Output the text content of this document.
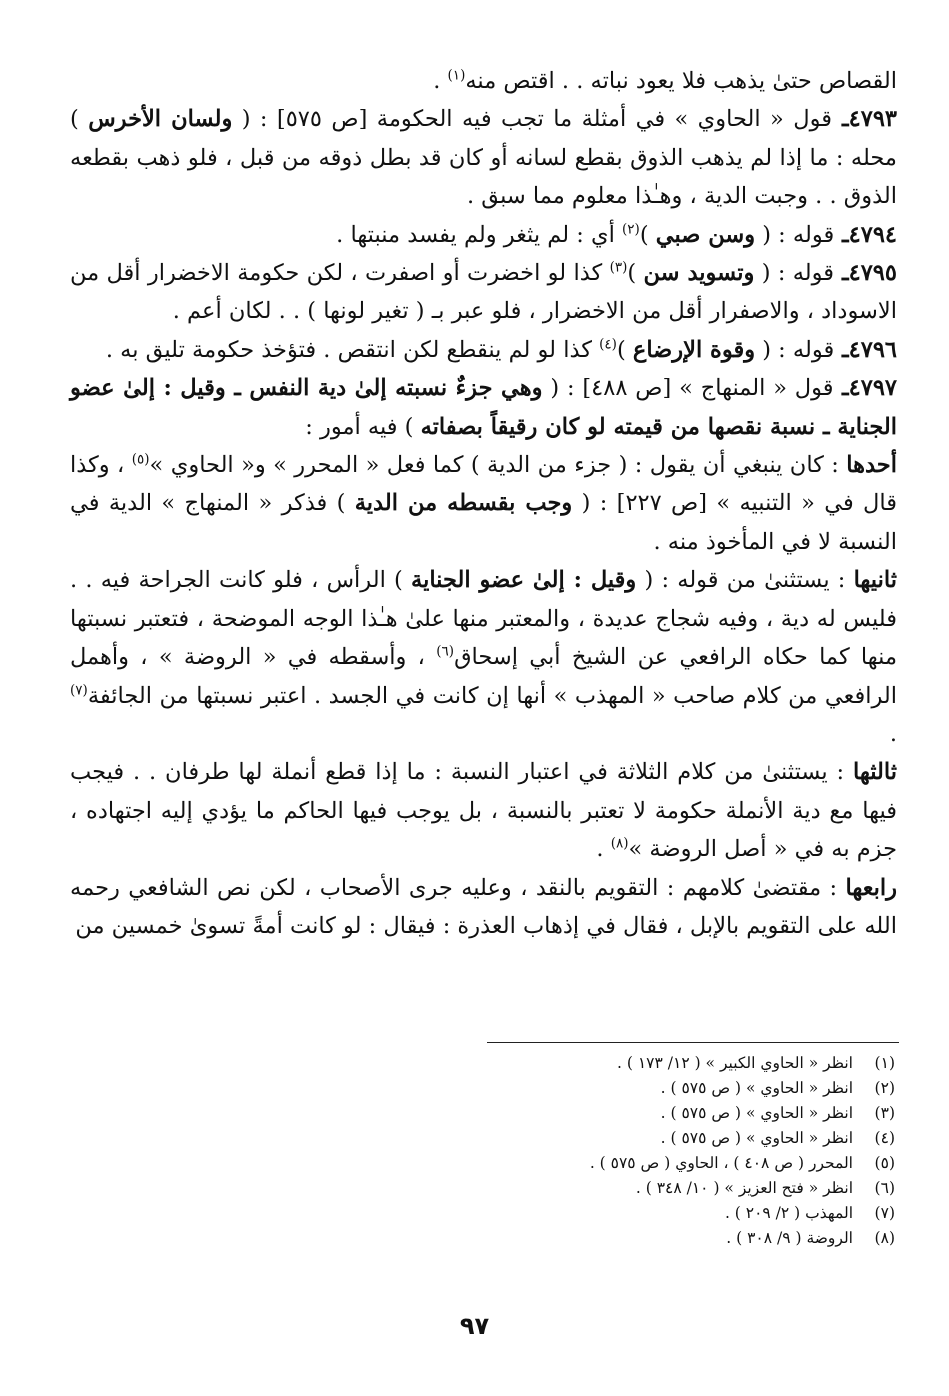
القصاص حتىٰ يذهب فلا يعود نباته . . اقتص منه$^{(١)}$ .

٤٧٩٣ـ قول « الحاوي » في أمثلة ما تجب فيه الحكومة [ص ٥٧٥] : ( ولسان الأخرس ) محله : ما إذا لم يذهب الذوق بقطع لسانه أو كان قد بطل ذوقه من قبل ، فلو ذهب بقطعه الذوق . . وجبت الدية ، وهـٰذا معلوم مما سبق .

٤٧٩٤ـ قوله : ( وسن صبي )$^{(٢)}$ أي : لم يثغر ولم يفسد منبتها .

٤٧٩٥ـ قوله : ( وتسويد سن )$^{(٣)}$ كذا لو اخضرت أو اصفرت ، لكن حكومة الاخضرار أقل من الاسوداد ، والاصفرار أقل من الاخضرار ، فلو عبر بـ ( تغير لونها ) . . لكان أعم .

٤٧٩٦ـ قوله : ( وقوة الإرضاع )$^{(٤)}$ كذا لو لم ينقطع لكن انتقص . فتؤخذ حكومة تليق به .

٤٧٩٧ـ قول « المنهاج » [ص ٤٨٨] : ( وهي جزءٌ نسبته إلىٰ دية النفس ـ وقيل : إلىٰ عضو الجناية ـ نسبة نقصها من قيمته لو كان رقيقاً بصفاته ) فيه أمور :

أحدها : كان ينبغي أن يقول : ( جزء من الدية ) كما فعل « المحرر » و« الحاوي »$^{(٥)}$ ، وكذا قال في « التنبيه » [ص ٢٢٧] : ( وجب بقسطه من الدية ) فذكر « المنهاج » الدية في النسبة لا في المأخوذ منه .

ثانيها : يستثنىٰ من قوله : ( وقيل : إلىٰ عضو الجناية ) الرأس ، فلو كانت الجراحة فيه . . فليس له دية ، وفيه شجاج عديدة ، والمعتبر منها علىٰ هـٰذا الوجه الموضحة ، فتعتبر نسبتها منها كما حكاه الرافعي عن الشيخ أبي إسحاق$^{(٦)}$ ، وأسقطه في « الروضة » ، وأهمل الرافعي من كلام صاحب « المهذب » أنها إن كانت في الجسد . اعتبر نسبتها من الجائفة$^{(٧)}$ .

ثالثها : يستثنىٰ من كلام الثلاثة في اعتبار النسبة : ما إذا قطع أنملة لها طرفان . . فيجب فيها مع دية الأنملة حكومة لا تعتبر بالنسبة ، بل يوجب فيها الحاكم ما يؤدي إليه اجتهاده ، جزم به في « أصل الروضة »$^{(٨)}$ .

رابعها : مقتضىٰ كلامهم : التقويم بالنقد ، وعليه جرى الأصحاب ، لكن نص الشافعي رحمه الله على التقويم بالإبل ، فقال في إذهاب العذرة : فيقال : لو كانت أمةً تسوىٰ خمسين من

(١)انظر « الحاوي الكبير » ( ١٢/ ١٧٣ ) .
(٢)انظر « الحاوي » ( ص ٥٧٥ ) .
(٣)انظر « الحاوي » ( ص ٥٧٥ ) .
(٤)انظر « الحاوي » ( ص ٥٧٥ ) .
(٥)المحرر ( ص ٤٠٨ ) ، الحاوي ( ص ٥٧٥ ) .
(٦)انظر « فتح العزيز » ( ١٠/ ٣٤٨ ) .
(٧)المهذب ( ٢/ ٢٠٩ ) .
(٨)الروضة ( ٩/ ٣٠٨ ) .
٩٧
